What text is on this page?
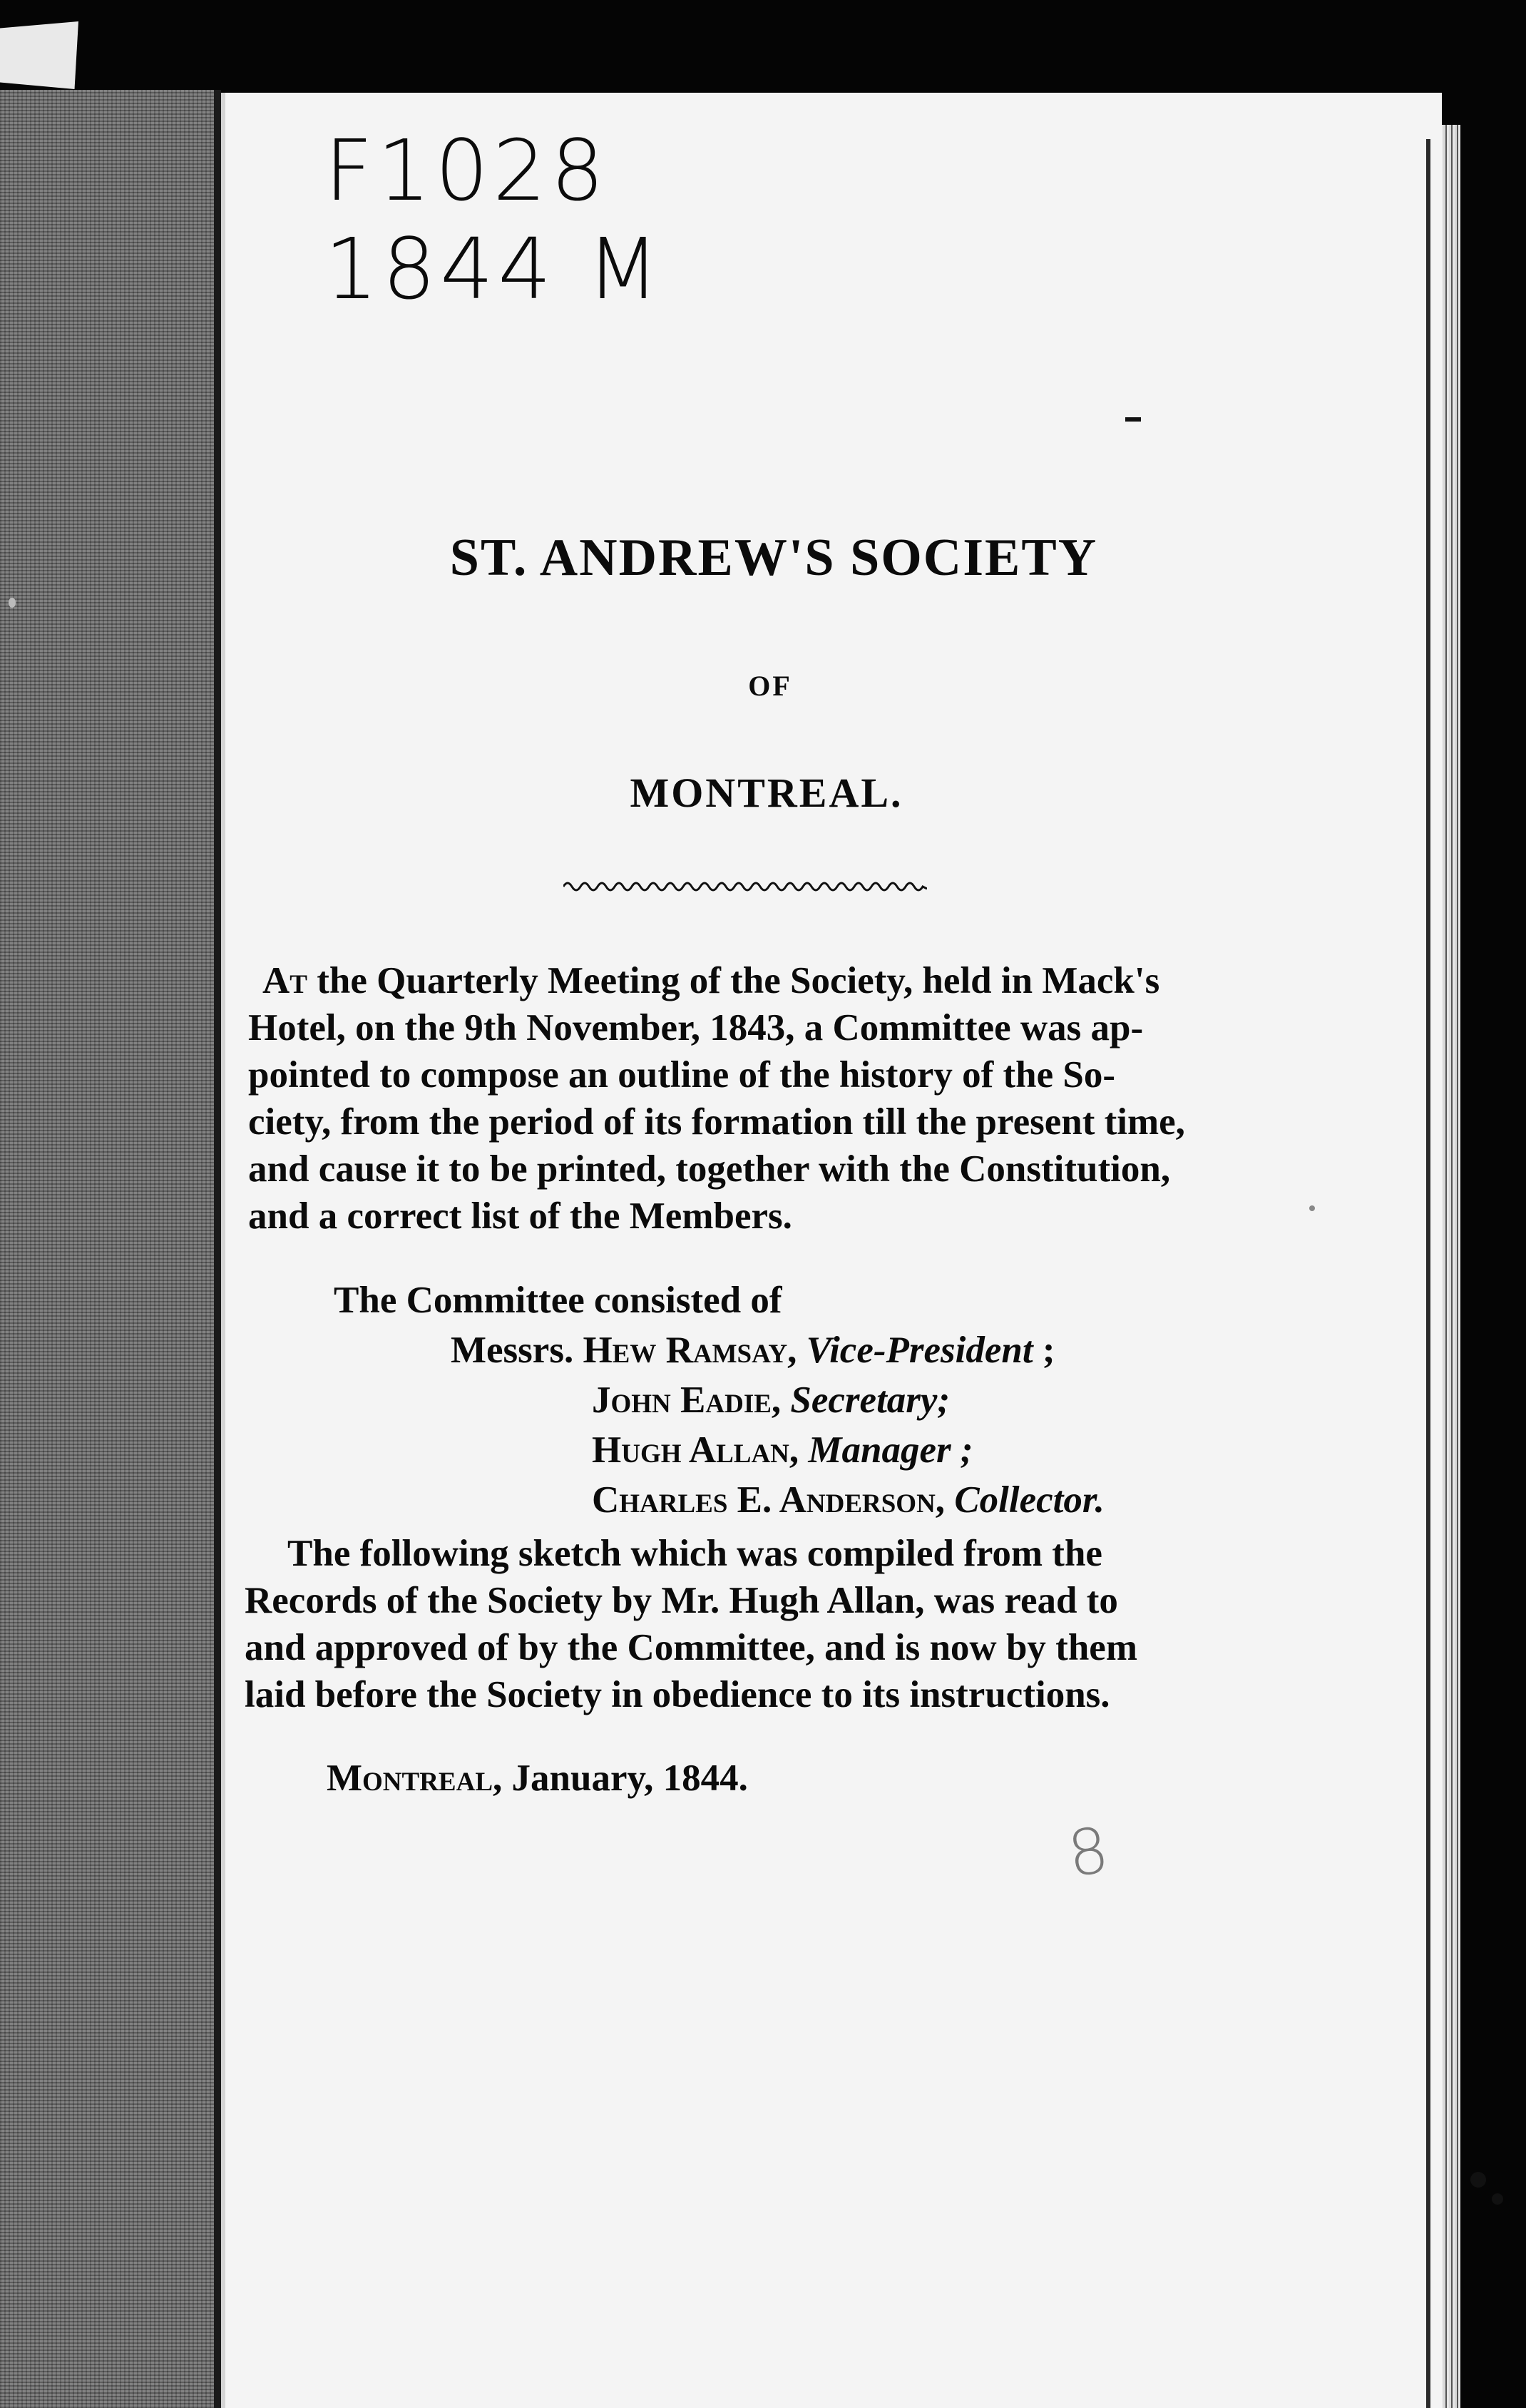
F1028
1844 M
ST. ANDREW'S SOCIETY
OF
MONTREAL.
At the Quarterly Meeting of the Society, held in Mack's
Hotel, on the 9th November, 1843, a Committee was ap-
pointed to compose an outline of the history of the So-
ciety, from the period of its formation till the present time,
and cause it to be printed, together with the Constitution,
and a correct list of the Members.
The Committee consisted of
Messrs. Hew Ramsay, Vice-President ;
John Eadie, Secretary;
Hugh Allan, Manager ;
Charles E. Anderson, Collector.
The following sketch which was compiled from the
Records of the Society by Mr. Hugh Allan, was read to
and approved of by the Committee, and is now by them
laid before the Society in obedience to its instructions.
Montreal, January, 1844.
8
